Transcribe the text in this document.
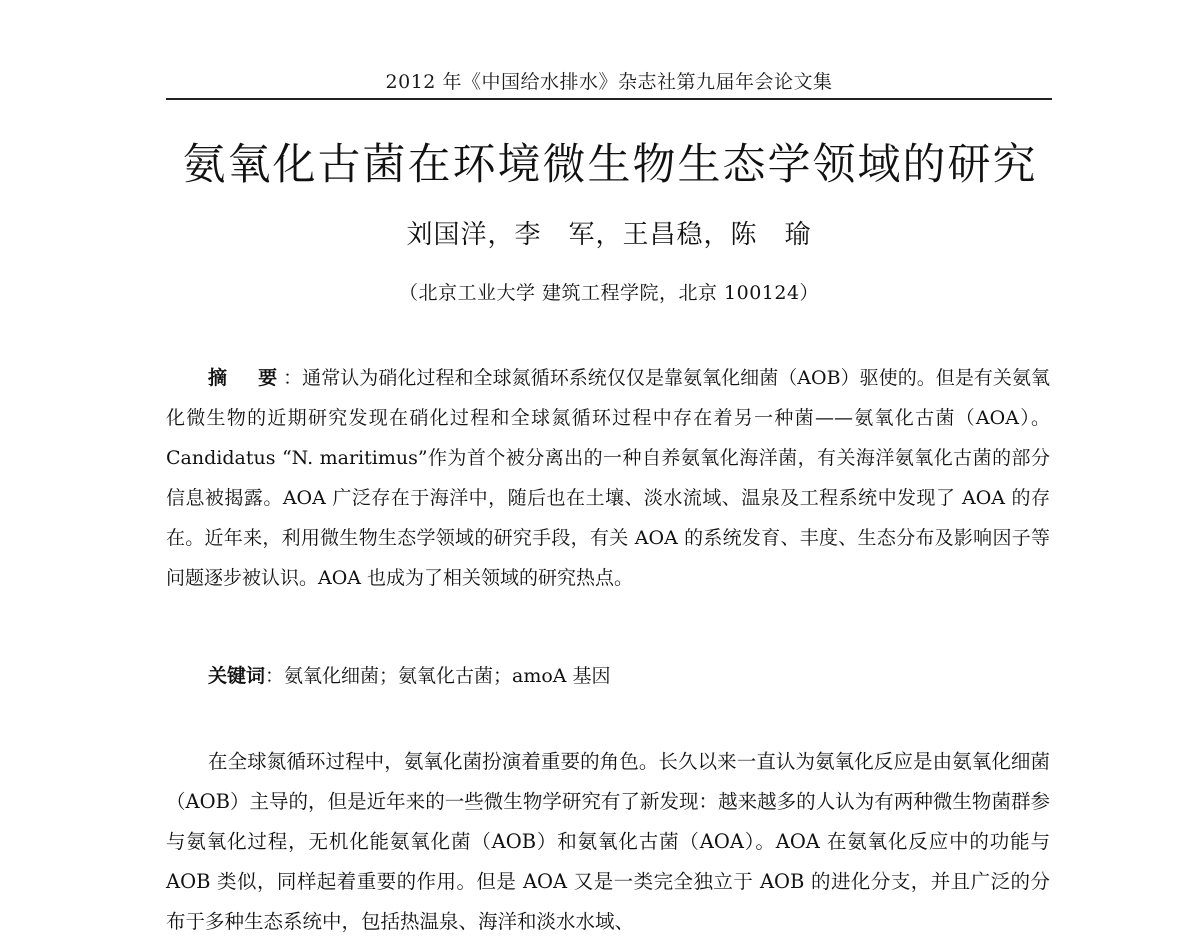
2012 年《中国给水排水》杂志社第九届年会论文集
氨氧化古菌在环境微生物生态学领域的研究
刘国洋，李　军，王昌稳，陈　瑜
（北京工业大学 建筑工程学院，北京 100124）

摘　要：通常认为硝化过程和全球氮循环系统仅仅是靠氨氧化细菌（AOB）驱使的。但是有关氨氧化微生物的近期研究发现在硝化过程和全球氮循环过程中存在着另一种菌——氨氧化古菌（AOA）。Candidatus “N. maritimus”作为首个被分离出的一种自养氨氧化海洋菌，有关海洋氨氧化古菌的部分信息被揭露。AOA 广泛存在于海洋中，随后也在土壤、淡水流域、温泉及工程系统中发现了 AOA 的存在。近年来，利用微生物生态学领域的研究手段，有关 AOA 的系统发育、丰度、生态分布及影响因子等问题逐步被认识。AOA 也成为了相关领域的研究热点。

关键词：氨氧化细菌；氨氧化古菌；amoA 基因

在全球氮循环过程中，氨氧化菌扮演着重要的角色。长久以来一直认为氨氧化反应是由氨氧化细菌（AOB）主导的，但是近年来的一些微生物学研究有了新发现：越来越多的人认为有两种微生物菌群参与氨氧化过程，无机化能氨氧化菌（AOB）和氨氧化古菌（AOA）。AOA 在氨氧化反应中的功能与 AOB 类似，同样起着重要的作用。但是 AOA 又是一类完全独立于 AOB 的进化分支，并且广泛的分布于多种生态系统中，包括热温泉、海洋和淡水水域、
